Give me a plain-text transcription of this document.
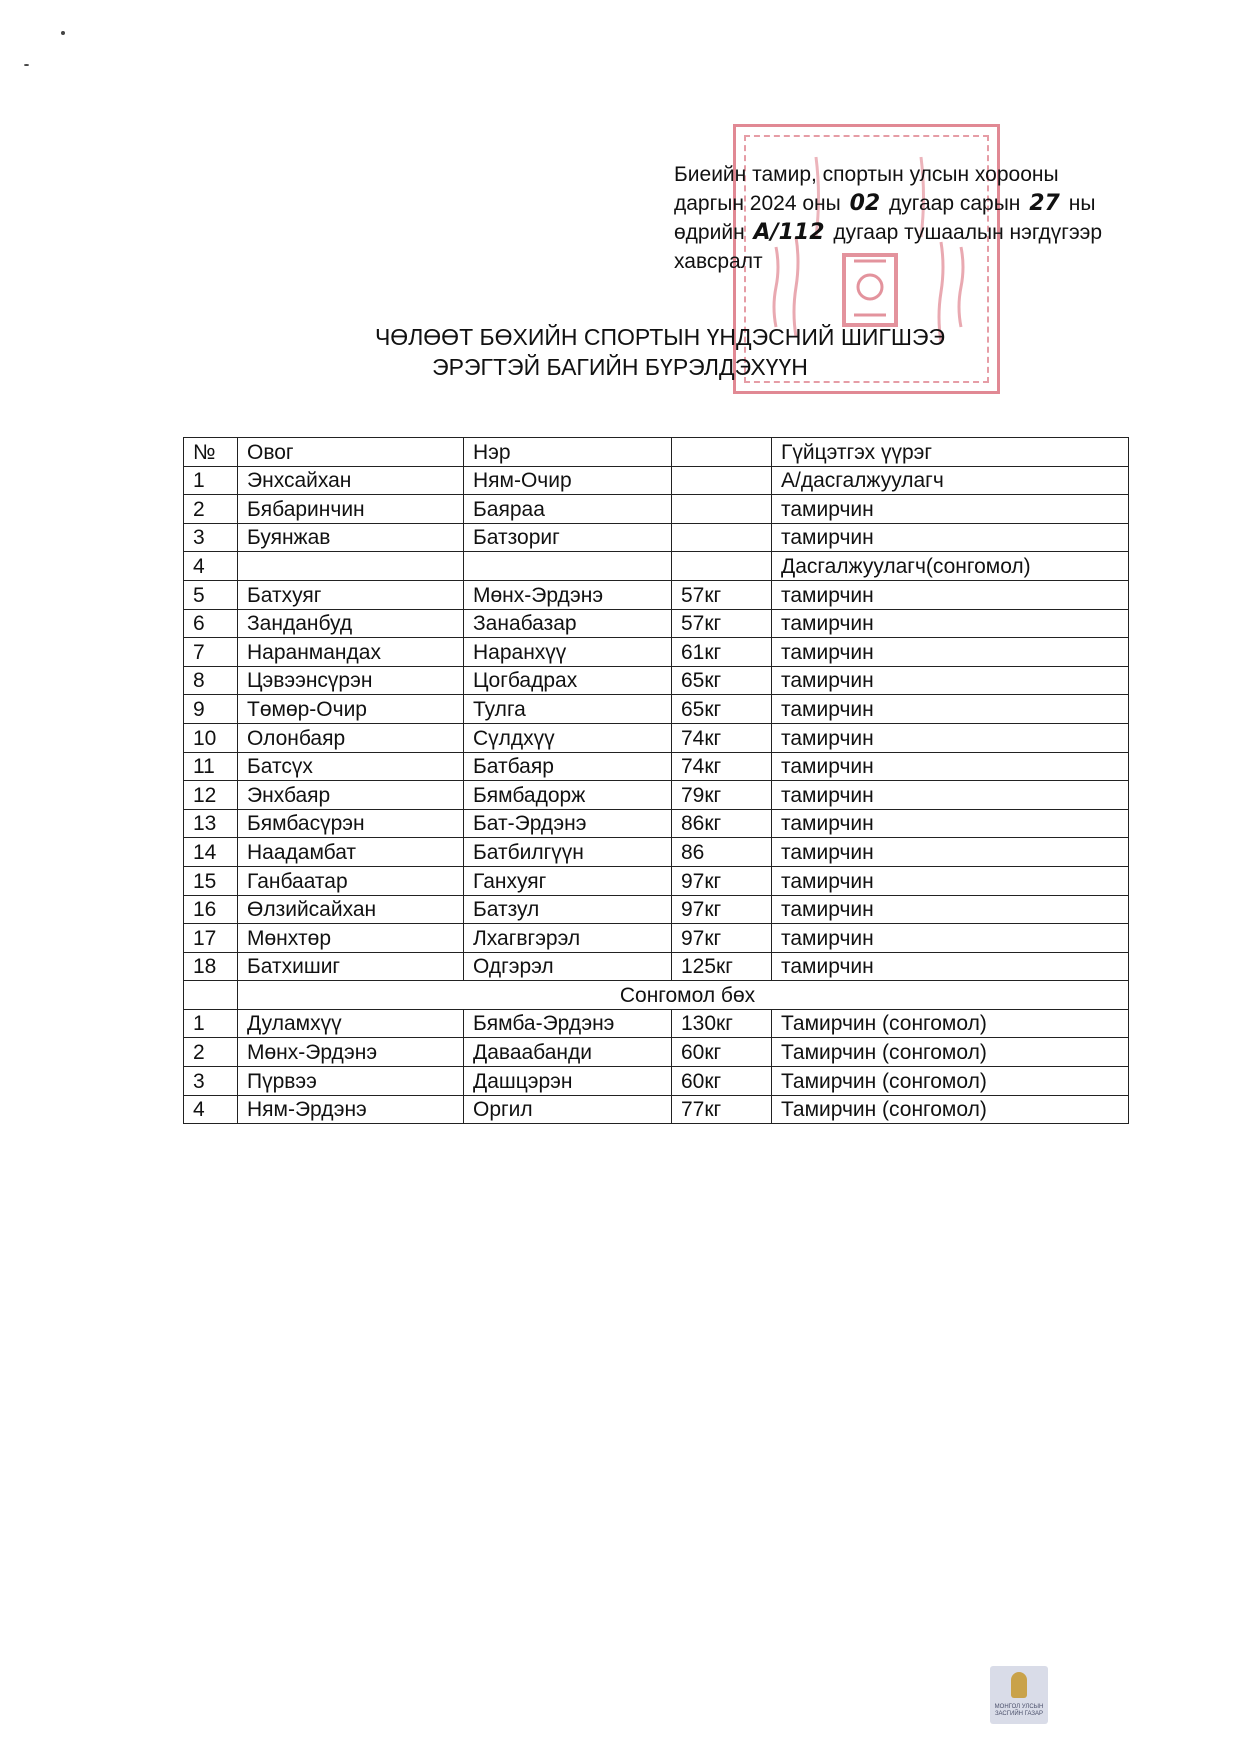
Биеийн тамир, спортын улсын хорооны
даргын 2024 оны 02 дугаар сарын 27 ны
өдрийн А/112 дугаар тушаалын нэгдүгээр
хавсралт
ЧӨЛӨӨТ БӨХИЙН СПОРТЫН ҮНДЭСНИЙ ШИГШЭЭ
ЭРЭГТЭЙ БАГИЙН БҮРЭЛДЭХҮҮН
№	Овог	Нэр		Гүйцэтгэх үүрэг
1	Энхсайхан	Ням-Очир		А/дасгалжуулагч
2	Бябаринчин	Баяраа		тамирчин
3	Буянжав	Батзориг		тамирчин
4				Дасгалжуулагч(сонгомол)
5	Батхуяг	Мөнх-Эрдэнэ	57кг	тамирчин
6	Занданбуд	Занабазар	57кг	тамирчин
7	Наранмандах	Наранхүү	61кг	тамирчин
8	Цэвээнсүрэн	Цогбадрах	65кг	тамирчин
9	Төмөр-Очир	Тулга	65кг	тамирчин
10	Олонбаяр	Сүлдхүү	74кг	тамирчин
11	Батсүх	Батбаяр	74кг	тамирчин
12	Энхбаяр	Бямбадорж	79кг	тамирчин
13	Бямбасүрэн	Бат-Эрдэнэ	86кг	тамирчин
14	Наадамбат	Батбилгүүн	86	тамирчин
15	Ганбаатар	Ганхуяг	97кг	тамирчин
16	Өлзийсайхан	Батзул	97кг	тамирчин
17	Мөнхтөр	Лхагвгэрэл	97кг	тамирчин
18	Батхишиг	Одгэрэл	125кг	тамирчин
	Сонгомол бөх			
1	Дуламхүү	Бямба-Эрдэнэ	130кг	Тамирчин (сонгомол)
2	Мөнх-Эрдэнэ	Даваабанди	60кг	Тамирчин (сонгомол)
3	Пүрвээ	Дашцэрэн	60кг	Тамирчин (сонгомол)
4	Ням-Эрдэнэ	Оргил	77кг	Тамирчин (сонгомол)
МОНГОЛ УЛСЫН
ЗАСГИЙН ГАЗАР
